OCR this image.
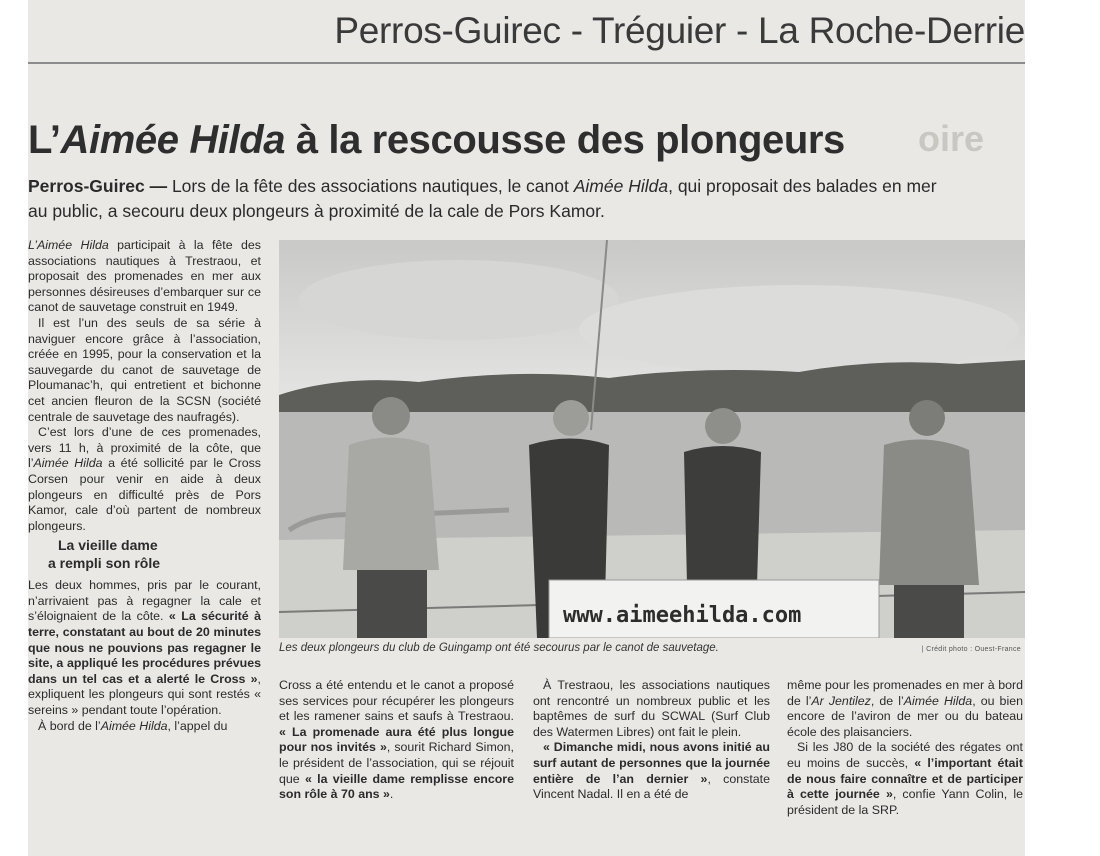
oire
Perros-Guirec - Tréguier - La Roche-Derrie
L’Aimée Hilda à la rescousse des plongeurs
Perros-Guirec — Lors de la fête des associations nautiques, le canot Aimée Hilda, qui proposait des balades en mer au public, a secouru deux plongeurs à proximité de la cale de Pors Kamor.

L’Aimée Hilda participait à la fête des associations nautiques à Trestraou, et proposait des promenades en mer aux personnes désireuses d’embarquer sur ce canot de sauvetage construit en 1949.

Il est l’un des seuls de sa série à naviguer encore grâce à l’association, créée en 1995, pour la conservation et la sauvegarde du canot de sauvetage de Ploumanac’h, qui entretient et bichonne cet ancien fleuron de la SCSN (société centrale de sauvetage des naufragés).

C’est lors d’une de ces promenades, vers 11 h, à proximité de la côte, que l’Aimée Hilda a été sollicité par le Cross Corsen pour venir en aide à deux plongeurs en difficulté près de Pors Kamor, cale d’où partent de nombreux plongeurs.

La vieille dame
a rempli son rôle

Les deux hommes, pris par le courant, n’arrivaient pas à regagner la cale et s’éloignaient de la côte. « La sécurité à terre, constatant au bout de 20 minutes que nous ne pouvions pas regagner le site, a appliqué les procédures prévues dans un tel cas et a alerté le Cross », expliquent les plongeurs qui sont restés « sereins » pendant toute l’opération.

À bord de l’Aimée Hilda, l’appel du

www.aimeehilda.com
Les deux plongeurs du club de Guingamp ont été secourus par le canot de sauvetage.	| Crédit photo : Ouest-France

Cross a été entendu et le canot a proposé ses services pour récupérer les plongeurs et les ramener sains et saufs à Trestraou. « La promenade aura été plus longue pour nos invités », sourit Richard Simon, le président de l’association, qui se réjouit que « la vieille dame remplisse encore son rôle à 70 ans ».

À Trestraou, les associations nautiques ont rencontré un nombreux public et les baptêmes de surf du SCWAL (Surf Club des Watermen Libres) ont fait le plein.

« Dimanche midi, nous avons initié au surf autant de personnes que la journée entière de l’an dernier », constate Vincent Nadal. Il en a été de

même pour les promenades en mer à bord de l’Ar Jentilez, de l’Aimée Hilda, ou bien encore de l’aviron de mer ou du bateau école des plaisanciers.

Si les J80 de la société des régates ont eu moins de succès, « l’important était de nous faire connaître et de participer à cette journée », confie Yann Colin, le président de la SRP.
